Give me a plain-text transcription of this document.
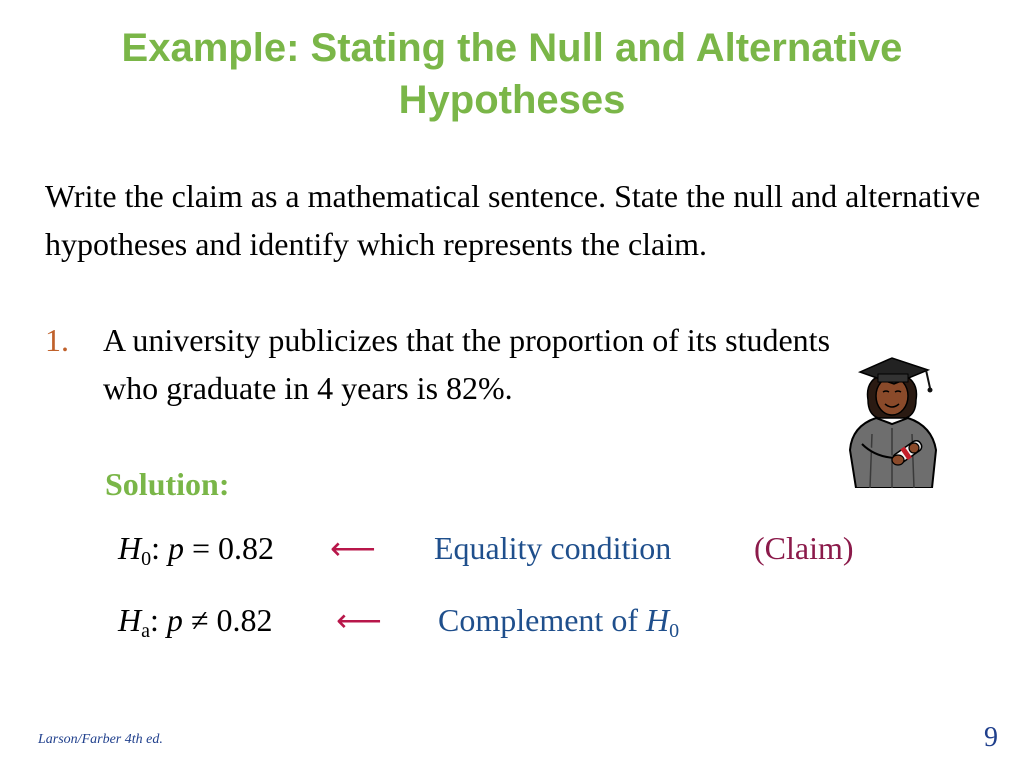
Example: Stating the Null and Alternative Hypotheses
Write the claim as a mathematical sentence. State the null and alternative hypotheses and identify which represents the claim.
1. A university publicizes that the proportion of its students who graduate in 4 years is 82%.
Solution:
$H_0$: p = 0.82 ⟵ Equality condition	(Claim)
$H_a$: p ≠ 0.82 ⟵ Complement of $H_0$
Larson/Farber 4th ed.	9
